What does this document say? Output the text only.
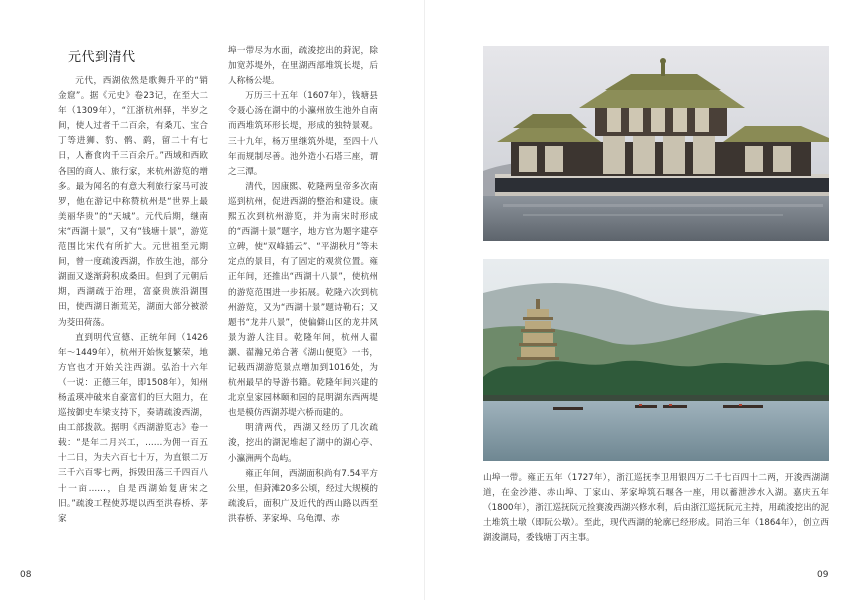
元代到清代

元代，西湖依然是歌舞升平的“销金窟”。据《元史》卷23记，在至大二年（1309年），“江浙杭州驿，半岁之间，使人过者千二百余，有桑兀、宝合丁等进狮、豹、鹘、鹞，留二十有七日，人畜食肉千三百余斤。”西域和西欧各国的商人、旅行家，来杭州游览的增多。最为闻名的有意大利旅行家马可波罗，他在游记中称赞杭州是“世界上最美丽华贵”的“天城”。元代后期，继南宋“西湖十景”，又有“钱塘十景”，游览范围比宋代有所扩大。元世祖至元期间，曾一度疏浚西湖，作放生池，部分湖面又遂渐葑积成桑田。但到了元朝后期，西湖疏于治理，富豪贵族沿湖围田，使西湖日渐荒芜，湖面大部分被淤为茭田荷荡。

直到明代宣德、正统年间（1426年～1449年），杭州开始恢复繁荣，地方官也才开始关注西湖。弘治十六年（一说：正德三年，即1508年），知州杨孟瑛冲破来自豪富们的巨大阻力，在巡按御史车梁支持下，奏请疏浚西湖，由工部拨款。据明《西湖游览志》卷一载：“是年二月兴工，……为佣一百五十二日，为夫六百七十万，为直银二万三千六百零七两，拆毁田荡三千四百八十一亩……，自是西湖始复唐宋之旧。”疏浚工程使苏堤以西至洪春桥、茅家

埠一带尽为水面，疏浚挖出的葑泥，除加宽苏堤外，在里湖西部堆筑长堤，后人称杨公堤。

万历三十五年（1607年），钱塘县令聂心汤在湖中的小瀛州放生池外自南而西堆筑环形长堤，形成的独特景观。三十九年，杨万里继筑外堤，至四十八年而规制尽善。池外造小石塔三座，谓之三潭。

清代，因康熙、乾隆两皇帝多次南巡到杭州，促进西湖的整治和建设。康熙五次到杭州游览，并为南宋时形成的“西湖十景”题字，地方官为题字建亭立碑，使“双峰插云”、“平湖秋月”等未定点的景目，有了固定的观赏位置。雍正年间，还推出“西湖十八景”，使杭州的游览范围进一步拓展。乾隆六次到杭州游览，又为“西湖十景”题诗勒石；又题书“龙井八景”，使偏僻山区的龙井风景为游人注目。乾隆年间，杭州人翟灏、翟瀚兄弟合著《湖山便览》一书，记载西湖游览景点增加到1016处，为杭州最早的导游书籍。乾隆年间兴建的北京皇家园林颐和园的昆明湖东西两堤也是模仿西湖苏堤六桥而建的。

明清两代，西湖又经历了几次疏浚，挖出的湖泥堆起了湖中的湖心亭、小瀛洲两个岛屿。

雍正年间，西湖面积尚有7.54平方公里，但葑滩20多公顷，经过大规模的疏浚后，面积广及近代的西山路以西至洪春桥、茅家埠、乌龟潭、赤

08
山埠一带。雍正五年（1727年），浙江巡抚李卫用银四万二千七百四十二两，开浚西湖湖道，在金沙港、赤山埠、丁家山、茅家埠筑石堰各一座，用以蓄泄涉水入湖。嘉庆五年（1800年），浙江巡抚阮元捡赛浚西湖兴修水利，后由浙江巡抚阮元主持，用疏浚挖出的泥土堆筑土墩（即阮公墩）。至此，现代西湖的轮廓已经形成。同治三年（1864年），创立西湖浚湖局，委钱塘丁丙主事。
09
